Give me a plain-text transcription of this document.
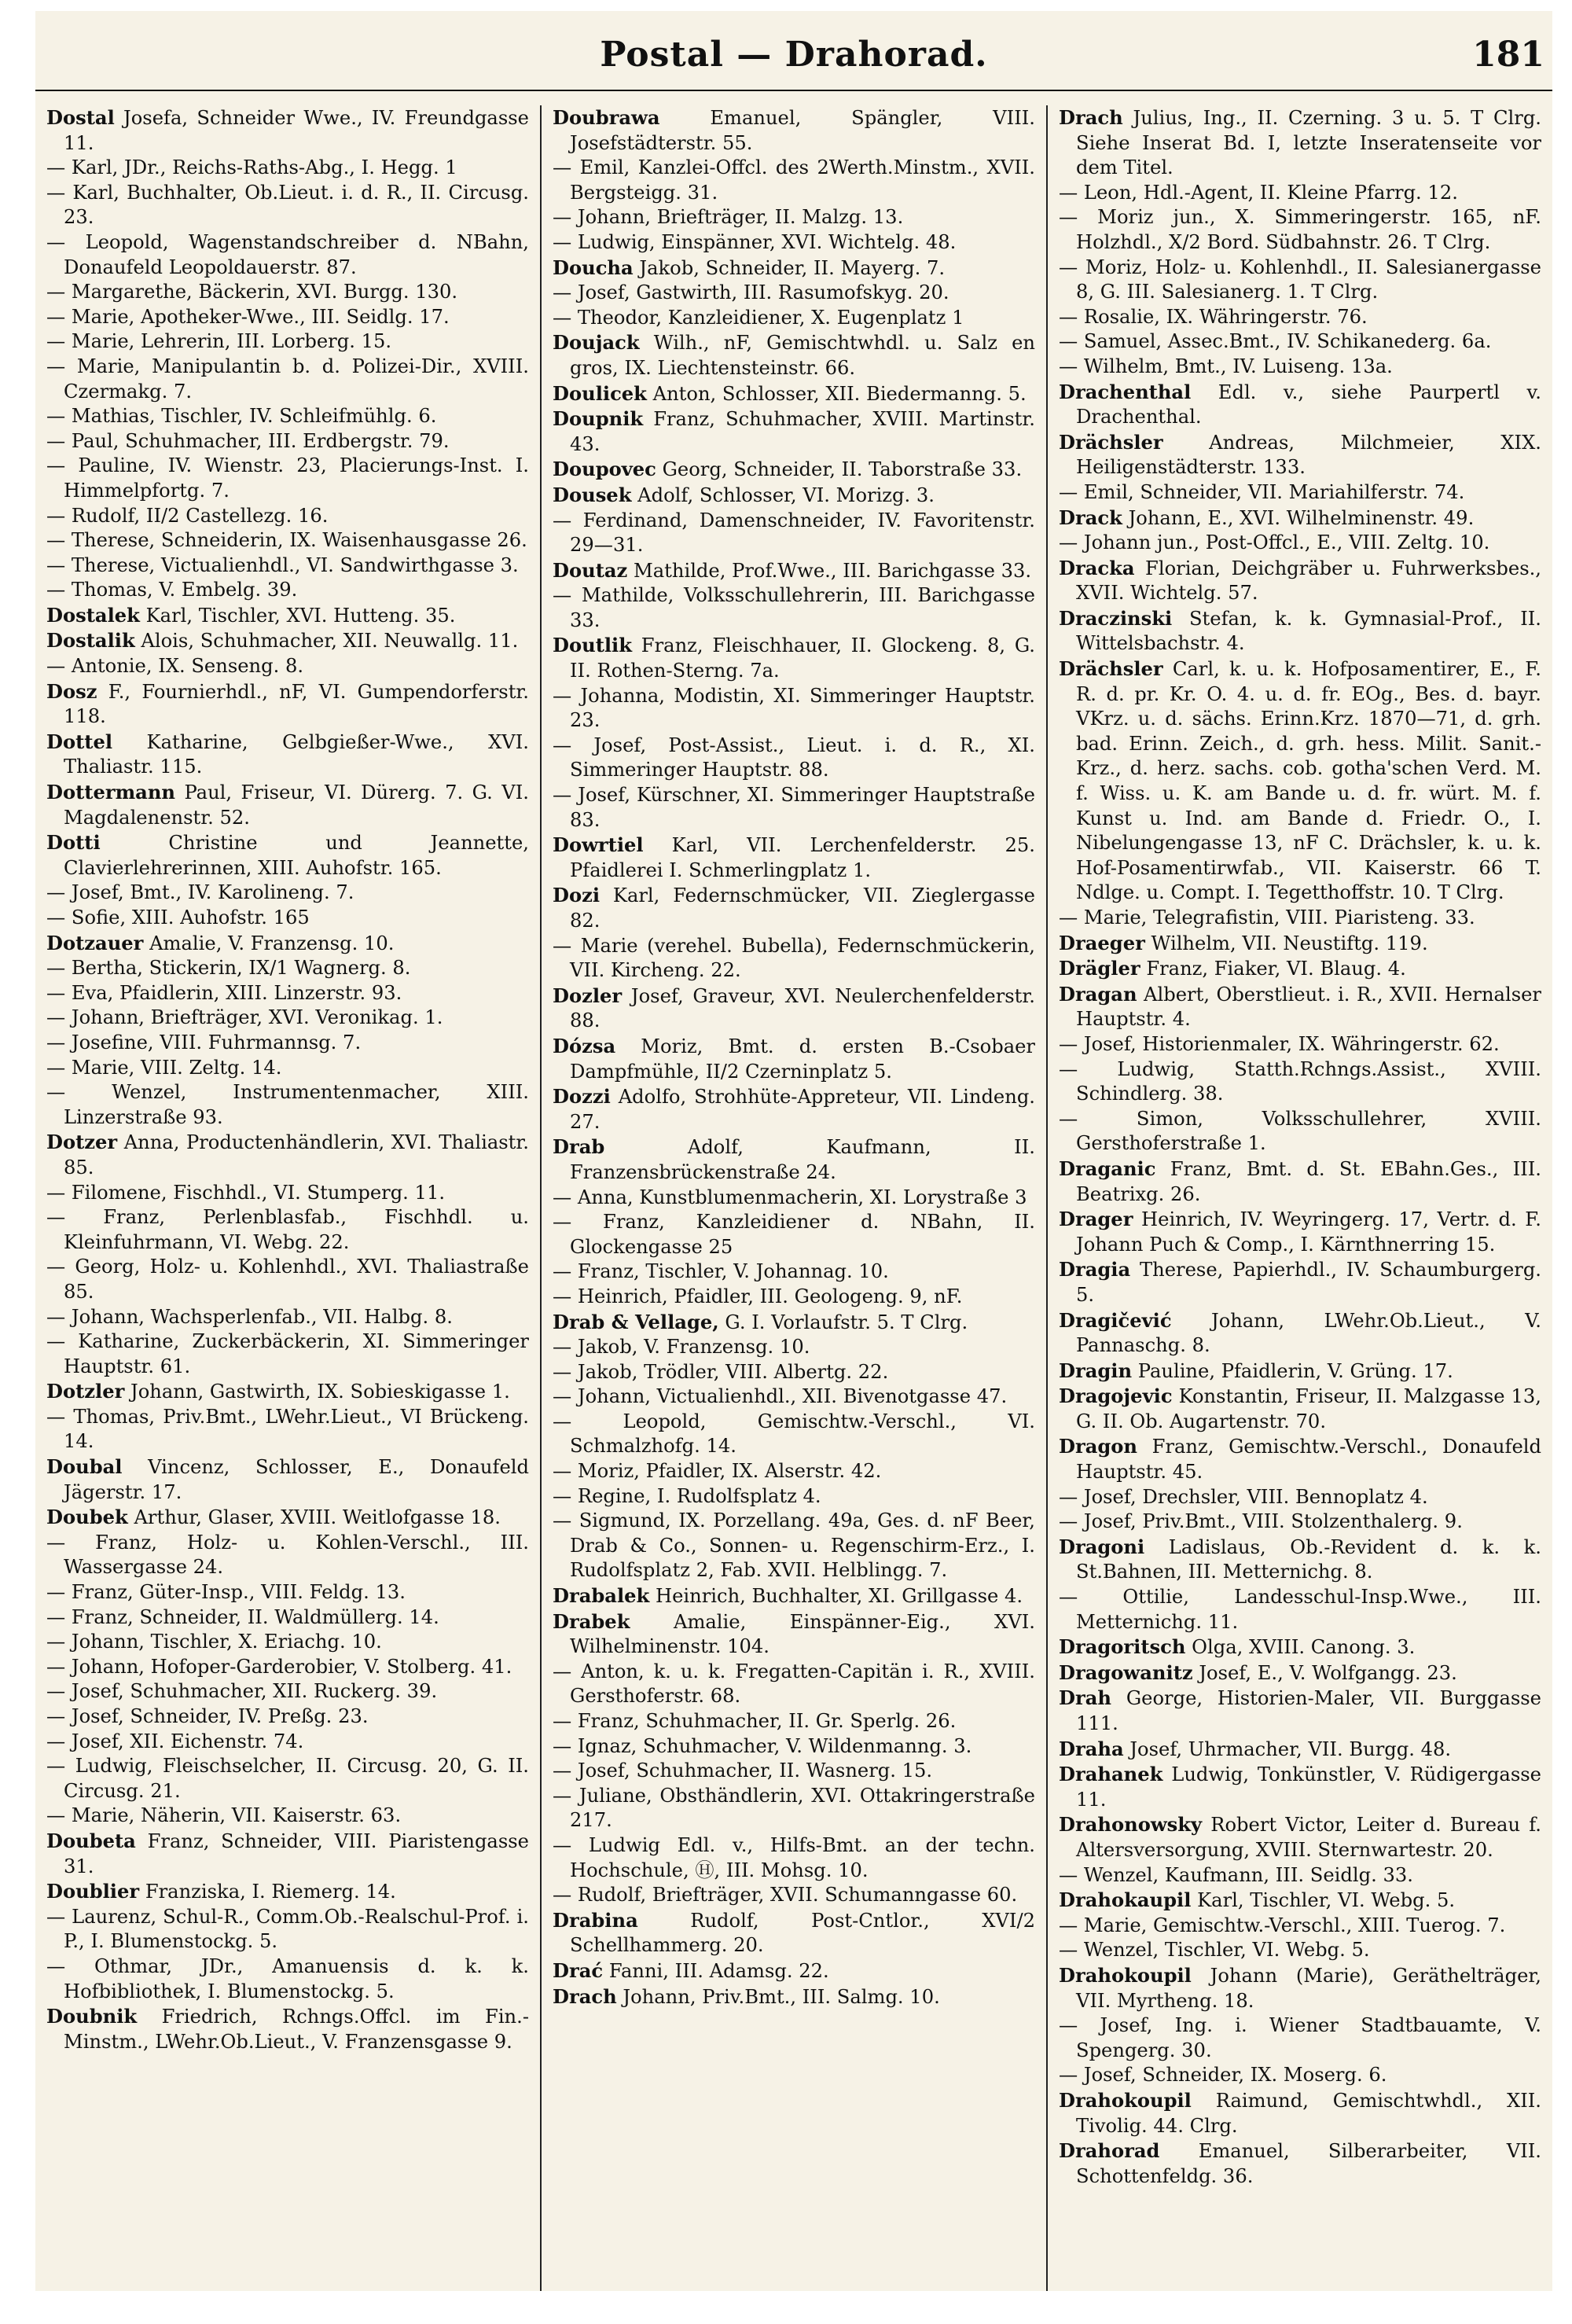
Postal — Drahorad.	181
Dostal Josefa, Schneider Wwe., IV. Freundgasse 11.
— Karl, JDr., Reichs-Raths-Abg., I. Hegg. 1
— Karl, Buchhalter, Ob.Lieut. i. d. R., II. Circusg. 23.
— Leopold, Wagenstandschreiber d. NBahn, Donaufeld Leopoldauerstr. 87.
— Margarethe, Bäckerin, XVI. Burgg. 130.
— Marie, Apotheker-Wwe., III. Seidlg. 17.
— Marie, Lehrerin, III. Lorberg. 15.
— Marie, Manipulantin b. d. Polizei-Dir., XVIII. Czermakg. 7.
— Mathias, Tischler, IV. Schleifmühlg. 6.
— Paul, Schuhmacher, III. Erdbergstr. 79.
— Pauline, IV. Wienstr. 23, Placierungs-Inst. I. Himmelpfortg. 7.
— Rudolf, II/2 Castellezg. 16.
— Therese, Schneiderin, IX. Waisenhausgasse 26.
— Therese, Victualienhdl., VI. Sandwirthgasse 3.
— Thomas, V. Embelg. 39.
Dostalek Karl, Tischler, XVI. Hutteng. 35.
Dostalik Alois, Schuhmacher, XII. Neuwallg. 11.
— Antonie, IX. Senseng. 8.
Dosz F., Fournierhdl., nF, VI. Gumpendorferstr. 118.
Dottel Katharine, Gelbgießer-Wwe., XVI. Thaliastr. 115.
Dottermann Paul, Friseur, VI. Dürerg. 7. G. VI. Magdalenenstr. 52.
Dotti Christine und Jeannette, Clavierlehrerinnen, XIII. Auhofstr. 165.
— Josef, Bmt., IV. Karolineng. 7.
— Sofie, XIII. Auhofstr. 165
Dotzauer Amalie, V. Franzensg. 10.
— Bertha, Stickerin, IX/1 Wagnerg. 8.
— Eva, Pfaidlerin, XIII. Linzerstr. 93.
— Johann, Briefträger, XVI. Veronikag. 1.
— Josefine, VIII. Fuhrmannsg. 7.
— Marie, VIII. Zeltg. 14.
— Wenzel, Instrumentenmacher, XIII. Linzerstraße 93.
Dotzer Anna, Productenhändlerin, XVI. Thaliastr. 85.
— Filomene, Fischhdl., VI. Stumperg. 11.
— Franz, Perlenblasfab., Fischhdl. u. Kleinfuhrmann, VI. Webg. 22.
— Georg, Holz- u. Kohlenhdl., XVI. Thaliastraße 85.
— Johann, Wachsperlenfab., VII. Halbg. 8.
— Katharine, Zuckerbäckerin, XI. Simmeringer Hauptstr. 61.
Dotzler Johann, Gastwirth, IX. Sobieskigasse 1.
— Thomas, Priv.Bmt., LWehr.Lieut., VI Brückeng. 14.
Doubal Vincenz, Schlosser, E., Donaufeld Jägerstr. 17.
Doubek Arthur, Glaser, XVIII. Weitlofgasse 18.
— Franz, Holz- u. Kohlen-Verschl., III. Wassergasse 24.
— Franz, Güter-Insp., VIII. Feldg. 13.
— Franz, Schneider, II. Waldmüllerg. 14.
— Johann, Tischler, X. Eriachg. 10.
— Johann, Hofoper-Garderobier, V. Stolberg. 41.
— Josef, Schuhmacher, XII. Ruckerg. 39.
— Josef, Schneider, IV. Preßg. 23.
— Josef, XII. Eichenstr. 74.
— Ludwig, Fleischselcher, II. Circusg. 20, G. II. Circusg. 21.
— Marie, Näherin, VII. Kaiserstr. 63.
Doubeta Franz, Schneider, VIII. Piaristengasse 31.
Doublier Franziska, I. Riemerg. 14.
— Laurenz, Schul-R., Comm.Ob.-Realschul-Prof. i. P., I. Blumenstockg. 5.
— Othmar, JDr., Amanuensis d. k. k. Hofbibliothek, I. Blumenstockg. 5.
Doubnik Friedrich, Rchngs.Offcl. im Fin.-Minstm., LWehr.Ob.Lieut., V. Franzensgasse 9.
Doubrawa Emanuel, Spängler, VIII. Josefstädterstr. 55.
— Emil, Kanzlei-Offcl. des 2Werth.Minstm., XVII. Bergsteigg. 31.
— Johann, Briefträger, II. Malzg. 13.
— Ludwig, Einspänner, XVI. Wichtelg. 48.
Doucha Jakob, Schneider, II. Mayerg. 7.
— Josef, Gastwirth, III. Rasumofskyg. 20.
— Theodor, Kanzleidiener, X. Eugenplatz 1
Doujack Wilh., nF, Gemischtwhdl. u. Salz en gros, IX. Liechtensteinstr. 66.
Doulicek Anton, Schlosser, XII. Biedermanng. 5.
Doupnik Franz, Schuhmacher, XVIII. Martinstr. 43.
Doupovec Georg, Schneider, II. Taborstraße 33.
Dousek Adolf, Schlosser, VI. Morizg. 3.
— Ferdinand, Damenschneider, IV. Favoritenstr. 29—31.
Doutaz Mathilde, Prof.Wwe., III. Barichgasse 33.
— Mathilde, Volksschullehrerin, III. Barichgasse 33.
Doutlik Franz, Fleischhauer, II. Glockeng. 8, G. II. Rothen-Sterng. 7a.
— Johanna, Modistin, XI. Simmeringer Hauptstr. 23.
— Josef, Post-Assist., Lieut. i. d. R., XI. Simmeringer Hauptstr. 88.
— Josef, Kürschner, XI. Simmeringer Hauptstraße 83.
Dowrtiel Karl, VII. Lerchenfelderstr. 25. Pfaidlerei I. Schmerlingplatz 1.
Dozi Karl, Federnschmücker, VII. Zieglergasse 82.
— Marie (verehel. Bubella), Federnschmückerin, VII. Kircheng. 22.
Dozler Josef, Graveur, XVI. Neulerchenfelderstr. 88.
Dózsa Moriz, Bmt. d. ersten B.-Csobaer Dampfmühle, II/2 Czerninplatz 5.
Dozzi Adolfo, Strohhüte-Appreteur, VII. Lindeng. 27.
Drab Adolf, Kaufmann, II. Franzensbrückenstraße 24.
— Anna, Kunstblumenmacherin, XI. Lorystraße 3
— Franz, Kanzleidiener d. NBahn, II. Glockengasse 25
— Franz, Tischler, V. Johannag. 10.
— Heinrich, Pfaidler, III. Geologeng. 9, nF.
Drab & Vellage, G. I. Vorlaufstr. 5. T Clrg.
— Jakob, V. Franzensg. 10.
— Jakob, Trödler, VIII. Albertg. 22.
— Johann, Victualienhdl., XII. Bivenotgasse 47.
— Leopold, Gemischtw.-Verschl., VI. Schmalzhofg. 14.
— Moriz, Pfaidler, IX. Alserstr. 42.
— Regine, I. Rudolfsplatz 4.
— Sigmund, IX. Porzellang. 49a, Ges. d. nF Beer, Drab & Co., Sonnen- u. Regenschirm-Erz., I. Rudolfsplatz 2, Fab. XVII. Helblingg. 7.
Drabalek Heinrich, Buchhalter, XI. Grillgasse 4.
Drabek Amalie, Einspänner-Eig., XVI. Wilhelminenstr. 104.
— Anton, k. u. k. Fregatten-Capitän i. R., XVIII. Gersthoferstr. 68.
— Franz, Schuhmacher, II. Gr. Sperlg. 26.
— Ignaz, Schuhmacher, V. Wildenmanng. 3.
— Josef, Schuhmacher, II. Wasnerg. 15.
— Juliane, Obsthändlerin, XVI. Ottakringerstraße 217.
— Ludwig Edl. v., Hilfs-Bmt. an der techn. Hochschule, Ⓗ, III. Mohsg. 10.
— Rudolf, Briefträger, XVII. Schumanngasse 60.
Drabina Rudolf, Post-Cntlor., XVI/2 Schellhammerg. 20.
Drać Fanni, III. Adamsg. 22.
Drach Johann, Priv.Bmt., III. Salmg. 10.
Drach Julius, Ing., II. Czerning. 3 u. 5. T Clrg. Siehe Inserat Bd. I, letzte Inseratenseite vor dem Titel.
— Leon, Hdl.-Agent, II. Kleine Pfarrg. 12.
— Moriz jun., X. Simmeringerstr. 165, nF. Holzhdl., X/2 Bord. Südbahnstr. 26. T Clrg.
— Moriz, Holz- u. Kohlenhdl., II. Salesianergasse 8, G. III. Salesianerg. 1. T Clrg.
— Rosalie, IX. Währingerstr. 76.
— Samuel, Assec.Bmt., IV. Schikanederg. 6a.
— Wilhelm, Bmt., IV. Luiseng. 13a.
Drachenthal Edl. v., siehe Paurpertl v. Drachenthal.
Drächsler Andreas, Milchmeier, XIX. Heiligenstädterstr. 133.
— Emil, Schneider, VII. Mariahilferstr. 74.
Drack Johann, E., XVI. Wilhelminenstr. 49.
— Johann jun., Post-Offcl., E., VIII. Zeltg. 10.
Dracka Florian, Deichgräber u. Fuhrwerksbes., XVII. Wichtelg. 57.
Draczinski Stefan, k. k. Gymnasial-Prof., II. Wittelsbachstr. 4.
Drächsler Carl, k. u. k. Hofposamentirer, E., F. R. d. pr. Kr. O. 4. u. d. fr. EOg., Bes. d. bayr. VKrz. u. d. sächs. Erinn.Krz. 1870—71, d. grh. bad. Erinn. Zeich., d. grh. hess. Milit. Sanit.-Krz., d. herz. sachs. cob. gotha'schen Verd. M. f. Wiss. u. K. am Bande u. d. fr. würt. M. f. Kunst u. Ind. am Bande d. Friedr. O., I. Nibelungengasse 13, nF C. Drächsler, k. u. k. Hof-Posamentirwfab., VII. Kaiserstr. 66 T. Ndlge. u. Compt. I. Tegetthoffstr. 10. T Clrg.
— Marie, Telegrafistin, VIII. Piaristeng. 33.
Draeger Wilhelm, VII. Neustiftg. 119.
Drägler Franz, Fiaker, VI. Blaug. 4.
Dragan Albert, Oberstlieut. i. R., XVII. Hernalser Hauptstr. 4.
— Josef, Historienmaler, IX. Währingerstr. 62.
— Ludwig, Statth.Rchngs.Assist., XVIII. Schindlerg. 38.
— Simon, Volksschullehrer, XVIII. Gersthoferstraße 1.
Draganic Franz, Bmt. d. St. EBahn.Ges., III. Beatrixg. 26.
Drager Heinrich, IV. Weyringerg. 17, Vertr. d. F. Johann Puch & Comp., I. Kärnthnerring 15.
Dragia Therese, Papierhdl., IV. Schaumburgerg. 5.
Dragičević Johann, LWehr.Ob.Lieut., V. Pannaschg. 8.
Dragin Pauline, Pfaidlerin, V. Grüng. 17.
Dragojevic Konstantin, Friseur, II. Malzgasse 13, G. II. Ob. Augartenstr. 70.
Dragon Franz, Gemischtw.-Verschl., Donaufeld Hauptstr. 45.
— Josef, Drechsler, VIII. Bennoplatz 4.
— Josef, Priv.Bmt., VIII. Stolzenthalerg. 9.
Dragoni Ladislaus, Ob.-Revident d. k. k. St.Bahnen, III. Metternichg. 8.
— Ottilie, Landesschul-Insp.Wwe., III. Metternichg. 11.
Dragoritsch Olga, XVIII. Canong. 3.
Dragowanitz Josef, E., V. Wolfgangg. 23.
Drah George, Historien-Maler, VII. Burggasse 111.
Draha Josef, Uhrmacher, VII. Burgg. 48.
Drahanek Ludwig, Tonkünstler, V. Rüdigergasse 11.
Drahonowsky Robert Victor, Leiter d. Bureau f. Altersversorgung, XVIII. Sternwartestr. 20.
— Wenzel, Kaufmann, III. Seidlg. 33.
Drahokaupil Karl, Tischler, VI. Webg. 5.
— Marie, Gemischtw.-Verschl., XIII. Tuerog. 7.
— Wenzel, Tischler, VI. Webg. 5.
Drahokoupil Johann (Marie), Geräthelträger, VII. Myrtheng. 18.
— Josef, Ing. i. Wiener Stadtbauamte, V. Spengerg. 30.
— Josef, Schneider, IX. Moserg. 6.
Drahokoupil Raimund, Gemischtwhdl., XII. Tivolig. 44. Clrg.
Drahorad Emanuel, Silberarbeiter, VII. Schottenfeldg. 36.
